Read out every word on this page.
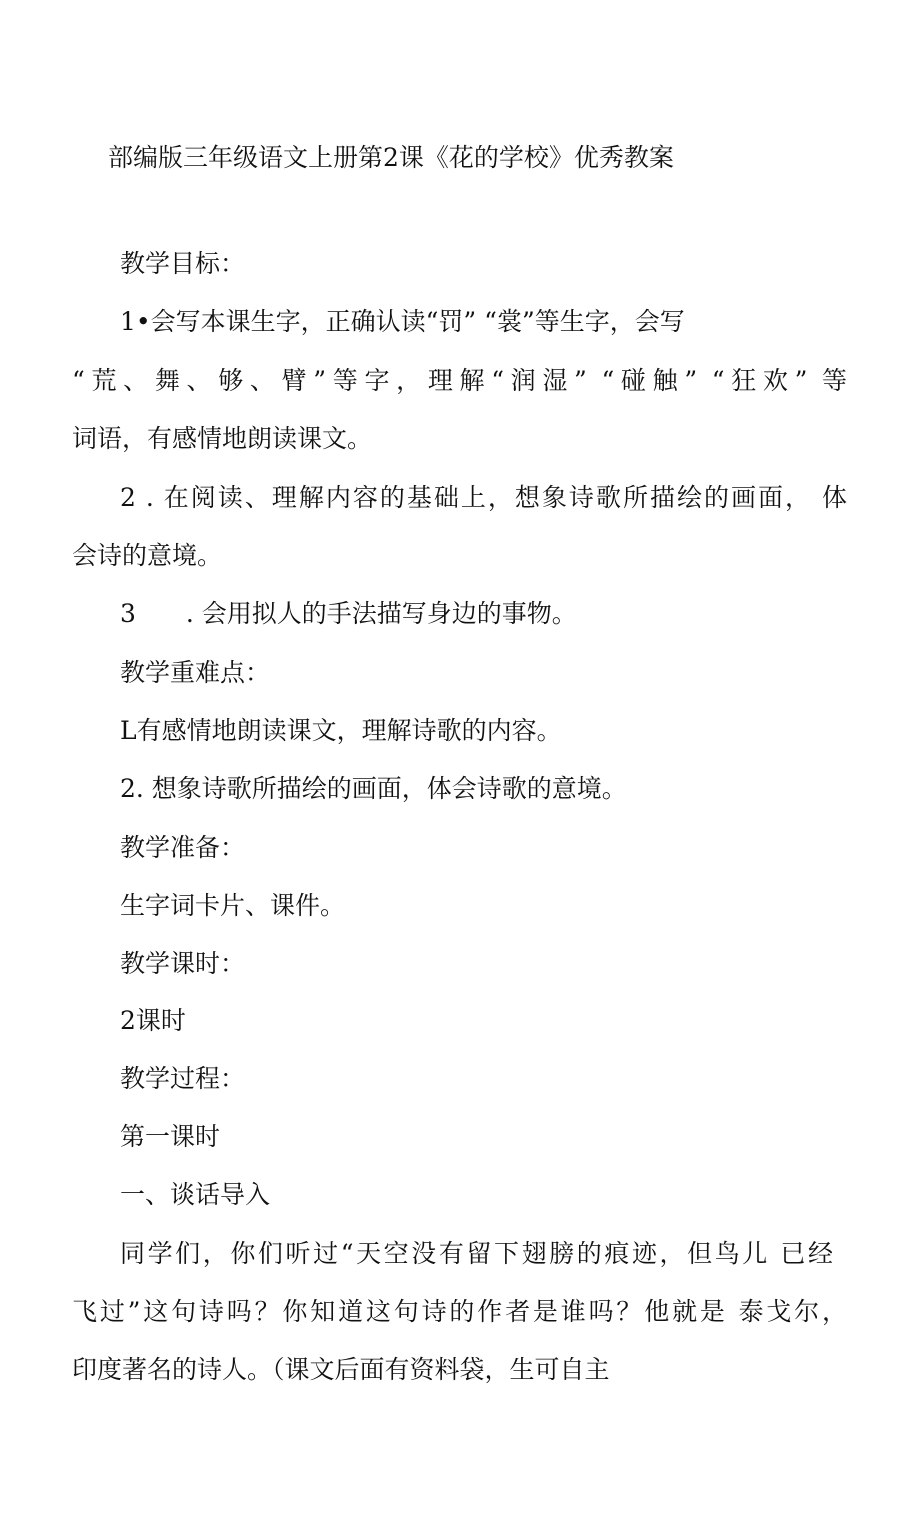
部编版三年级语文上册第2课《花的学校》优秀教案
教学目标：
1•会写本课生字，正确认读“罚” “裳”等生字，会写
“荒、舞、够、臂”等字，理解“润湿” “碰触” “狂欢” 等
词语，有感情地朗读课文。
2 . 在阅读、理解内容的基础上，想象诗歌所描绘的画面， 体
会诗的意境。
3　　. 会用拟人的手法描写身边的事物。
教学重难点：
L有感情地朗读课文，理解诗歌的内容。
2. 想象诗歌所描绘的画面，体会诗歌的意境。
教学准备：
生字词卡片、课件。
教学课时：
2课时
教学过程：
第一课时
一、谈话导入
同学们，你们听过“天空没有留下翅膀的痕迹，但鸟儿 已经
飞过”这句诗吗？你知道这句诗的作者是谁吗？他就是 泰戈尔，
印度著名的诗人。（课文后面有资料袋，生可自主
